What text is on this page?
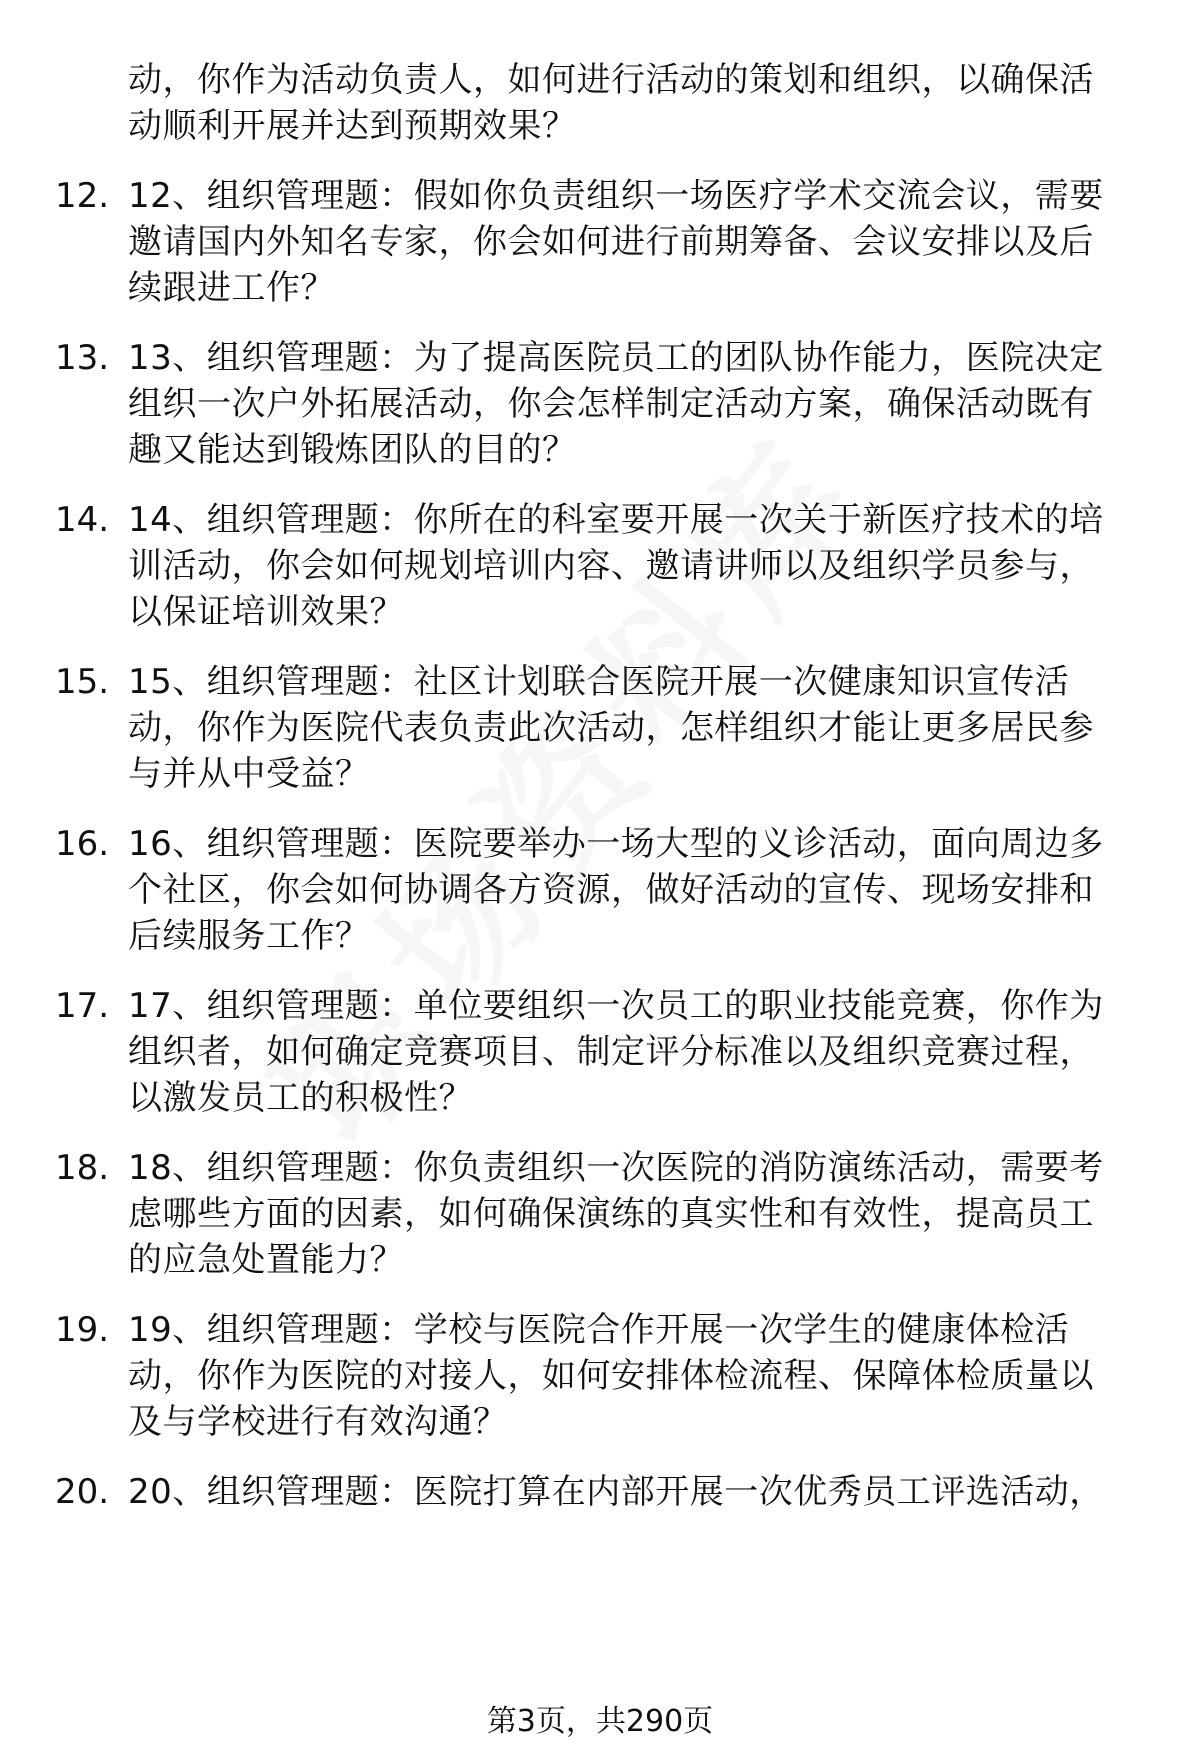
动，你作为活动负责人，如何进行活动的策划和组织，以确保活
动顺利开展并达到预期效果？
12. 12、组织管理题：假如你负责组织一场医疗学术交流会议，需要
邀请国内外知名专家，你会如何进行前期筹备、会议安排以及后
续跟进工作？
13. 13、组织管理题：为了提高医院员工的团队协作能力，医院决定
组织一次户外拓展活动，你会怎样制定活动方案，确保活动既有
趣又能达到锻炼团队的目的？
14. 14、组织管理题：你所在的科室要开展一次关于新医疗技术的培
训活动，你会如何规划培训内容、邀请讲师以及组织学员参与，
以保证培训效果？
15. 15、组织管理题：社区计划联合医院开展一次健康知识宣传活
动，你作为医院代表负责此次活动，怎样组织才能让更多居民参
与并从中受益？
16. 16、组织管理题：医院要举办一场大型的义诊活动，面向周边多
个社区，你会如何协调各方资源，做好活动的宣传、现场安排和
后续服务工作？
17. 17、组织管理题：单位要组织一次员工的职业技能竞赛，你作为
组织者，如何确定竞赛项目、制定评分标准以及组织竞赛过程，
以激发员工的积极性？
18. 18、组织管理题：你负责组织一次医院的消防演练活动，需要考
虑哪些方面的因素，如何确保演练的真实性和有效性，提高员工
的应急处置能力？
19. 19、组织管理题：学校与医院合作开展一次学生的健康体检活
动，你作为医院的对接人，如何安排体检流程、保障体检质量以
及与学校进行有效沟通？
20. 20、组织管理题：医院打算在内部开展一次优秀员工评选活动，
第3页，共290页
